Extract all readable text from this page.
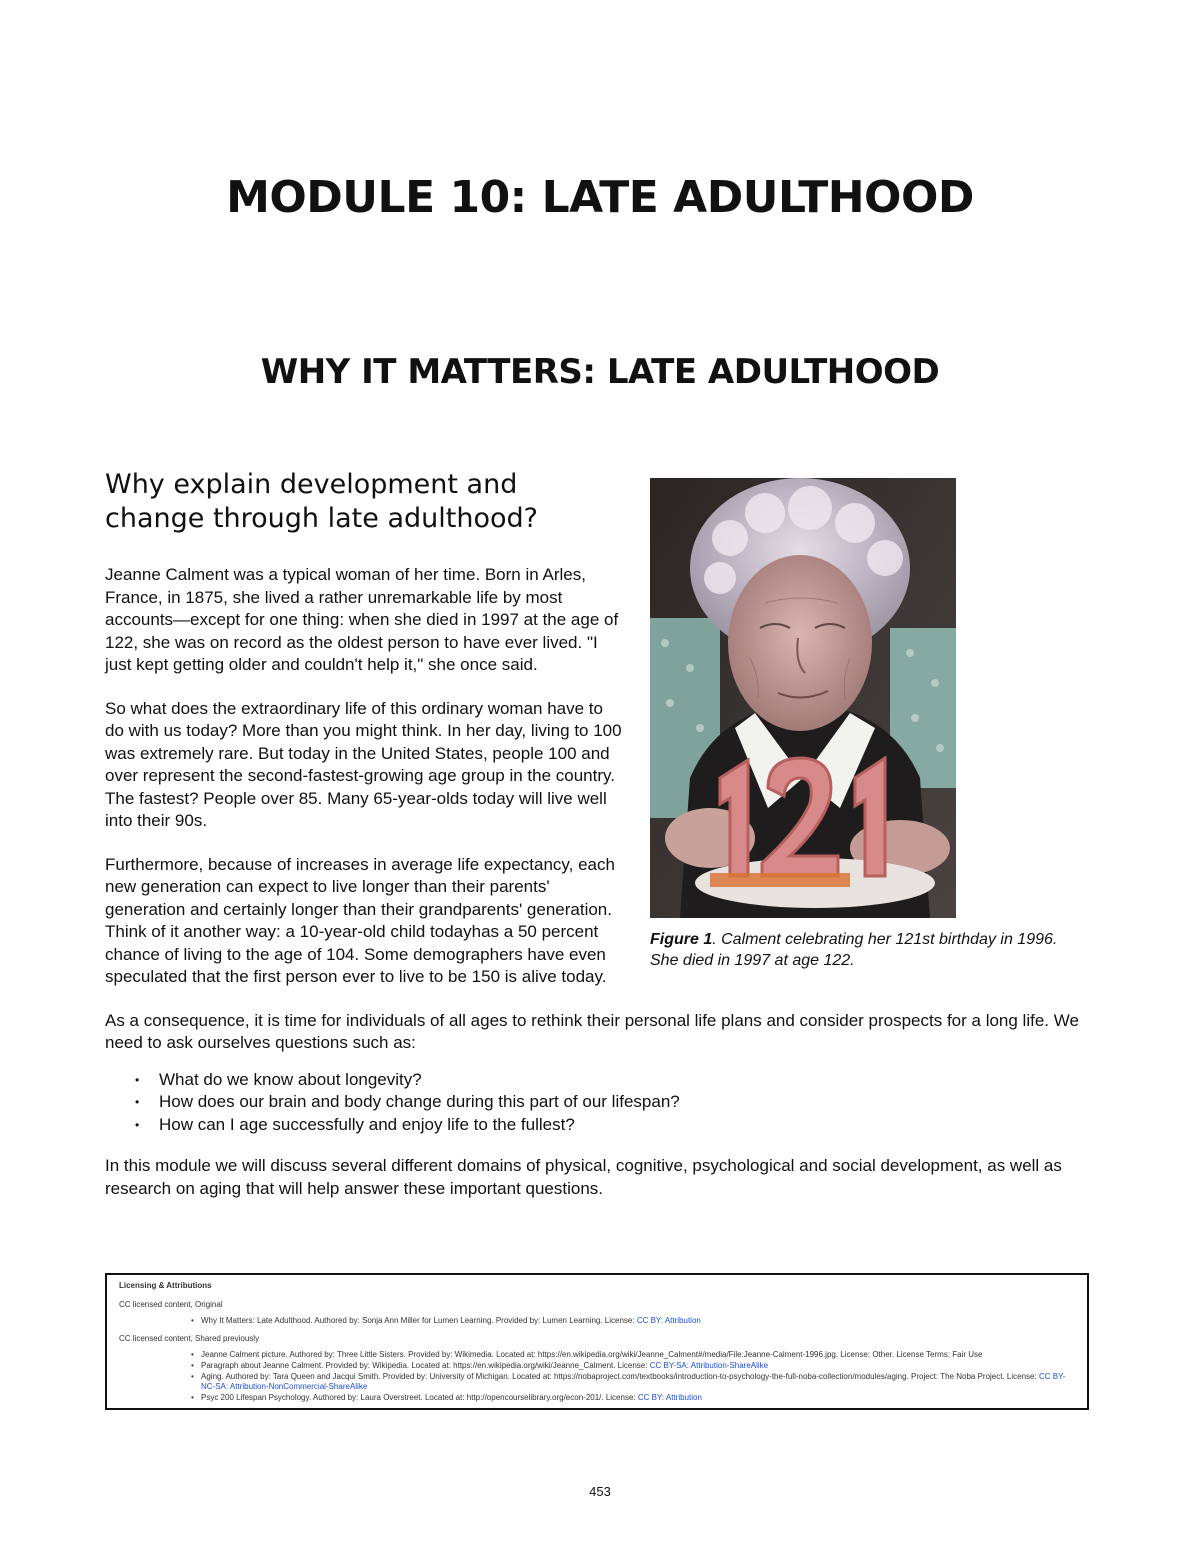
MODULE 10: LATE ADULTHOOD
WHY IT MATTERS: LATE ADULTHOOD
Figure 1. Calment celebrating her 121st birthday in 1996. She died in 1997 at age 122.
Why explain development and change through late adulthood?

Jeanne Calment was a typical woman of her time. Born in Arles, France, in 1875, she lived a rather unremarkable life by most accounts—except for one thing: when she died in 1997 at the age of 122, she was on record as the oldest person to have ever lived. "I just kept getting older and couldn't help it," she once said.

So what does the extraordinary life of this ordinary woman have to do with us today? More than you might think. In her day, living to 100 was extremely rare. But today in the United States, people 100 and over represent the second-fastest-growing age group in the country. The fastest? People over 85. Many 65-year-olds today will live well into their 90s.

Furthermore, because of increases in average life expectancy, each new generation can expect to live longer than their parents' generation and certainly longer than their grandparents' generation. Think of it another way: a 10-year-old child todayhas a 50 percent chance of living to the age of 104. Some demographers have even speculated that the first person ever to live to be 150 is alive today.

As a consequence, it is time for individuals of all ages to rethink their personal life plans and consider prospects for a long life. We need to ask ourselves questions such as:

• What do we know about longevity?
• How does our brain and body change during this part of our lifespan?
• How can I age successfully and enjoy life to the fullest?

In this module we will discuss several different domains of physical, cognitive, psychological and social development, as well as research on aging that will help answer these important questions.

Licensing & Attributions
CC licensed content, Original
• Why It Matters: Late Adulthood. Authored by: Sonja Ann Miller for Lumen Learning. Provided by: Lumen Learning. License: CC BY: Attribution
CC licensed content, Shared previously
• Jeanne Calment picture. Authored by: Three Little Sisters. Provided by: Wikimedia. Located at: https://en.wikipedia.org/wiki/Jeanne_Calment#/media/File:Jeanne-Calment-1996.jpg. License: Other. License Terms: Fair Use
• Paragraph about Jeanne Calment. Provided by: Wikipedia. Located at: https://en.wikipedia.org/wiki/Jeanne_Calment. License: CC BY-SA: Attribution-ShareAlike
• Aging. Authored by: Tara Queen and Jacqui Smith. Provided by: University of Michigan. Located at: https://nobaproject.com/textbooks/introduction-to-psychology-the-full-noba-collection/modules/aging. Project: The Noba Project. License: CC BY-NC-SA: Attribution-NonCommercial-ShareAlike
• Psyc 200 Lifespan Psychology. Authored by: Laura Overstreet. Located at: http://opencourselibrary.org/econ-201/. License: CC BY: Attribution
453
